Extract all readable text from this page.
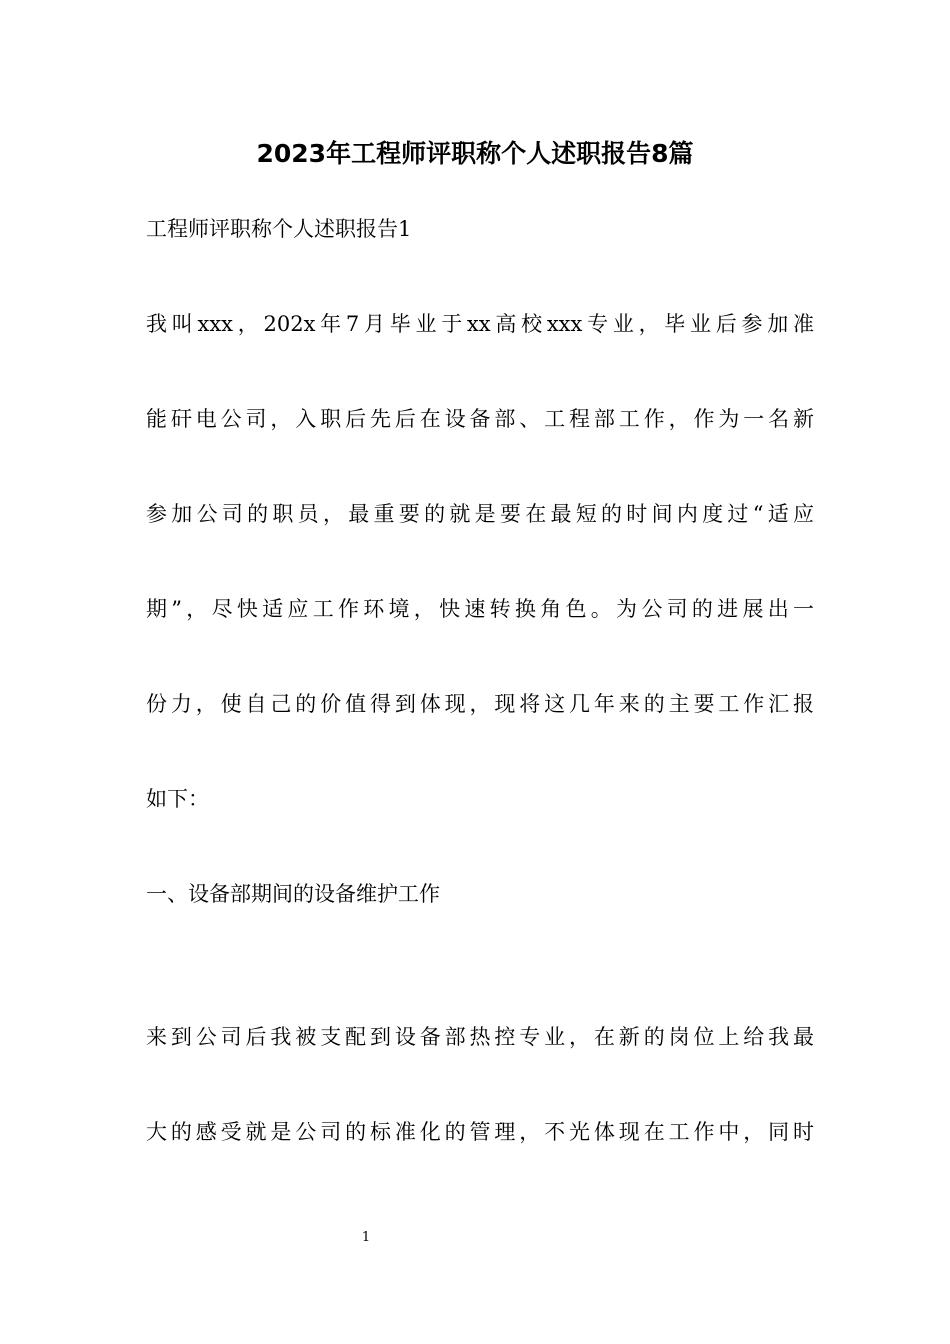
2023年工程师评职称个人述职报告8篇

工程师评职称个人述职报告1

我叫xxx，202x年7月毕业于xx高校xxx专业，毕业后参加准

能矸电公司，入职后先后在设备部、工程部工作，作为一名新

参加公司的职员，最重要的就是要在最短的时间内度过“适应

期”，尽快适应工作环境，快速转换角色。为公司的进展出一

份力，使自己的价值得到体现，现将这几年来的主要工作汇报

如下：

一、设备部期间的设备维护工作

来到公司后我被支配到设备部热控专业，在新的岗位上给我最

大的感受就是公司的标准化的管理，不光体现在工作中，同时

1
